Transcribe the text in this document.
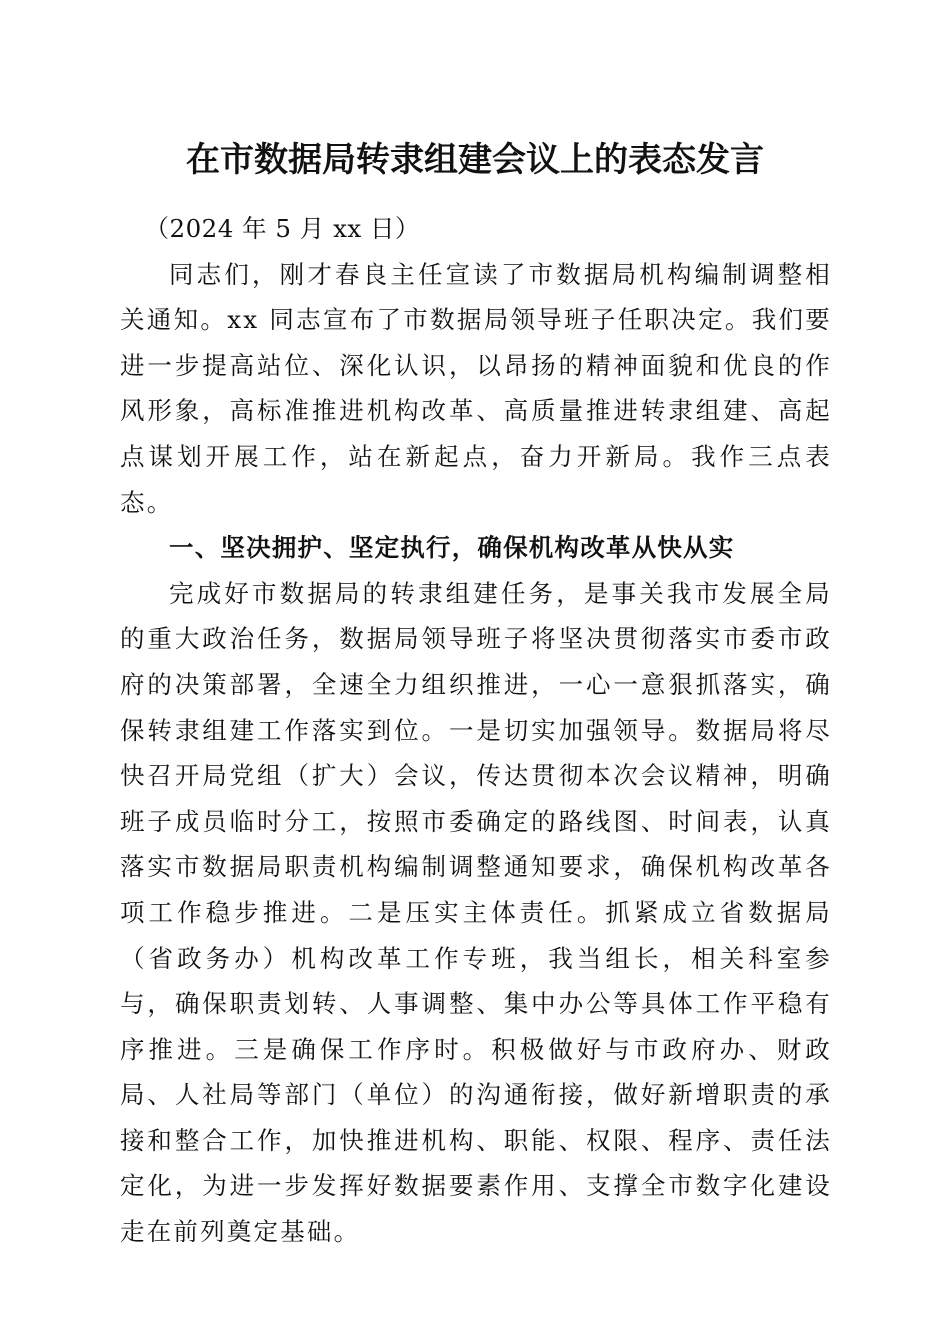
在市数据局转隶组建会议上的表态发言

（2024 年 5 月 xx 日）

同志们，刚才春良主任宣读了市数据局机构编制调整相关通知。xx 同志宣布了市数据局领导班子任职决定。我们要进一步提高站位、深化认识，以昂扬的精神面貌和优良的作风形象，高标准推进机构改革、高质量推进转隶组建、高起点谋划开展工作，站在新起点，奋力开新局。我作三点表态。

一、坚决拥护、坚定执行，确保机构改革从快从实

完成好市数据局的转隶组建任务，是事关我市发展全局的重大政治任务，数据局领导班子将坚决贯彻落实市委市政府的决策部署，全速全力组织推进，一心一意狠抓落实，确保转隶组建工作落实到位。一是切实加强领导。数据局将尽快召开局党组（扩大）会议，传达贯彻本次会议精神，明确班子成员临时分工，按照市委确定的路线图、时间表，认真落实市数据局职责机构编制调整通知要求，确保机构改革各项工作稳步推进。二是压实主体责任。抓紧成立省数据局（省政务办）机构改革工作专班，我当组长，相关科室参与，确保职责划转、人事调整、集中办公等具体工作平稳有序推进。三是确保工作序时。积极做好与市政府办、财政局、人社局等部门（单位）的沟通衔接，做好新增职责的承接和整合工作，加快推进机构、职能、权限、程序、责任法定化，为进一步发挥好数据要素作用、支撑全市数字化建设走在前列奠定基础。
